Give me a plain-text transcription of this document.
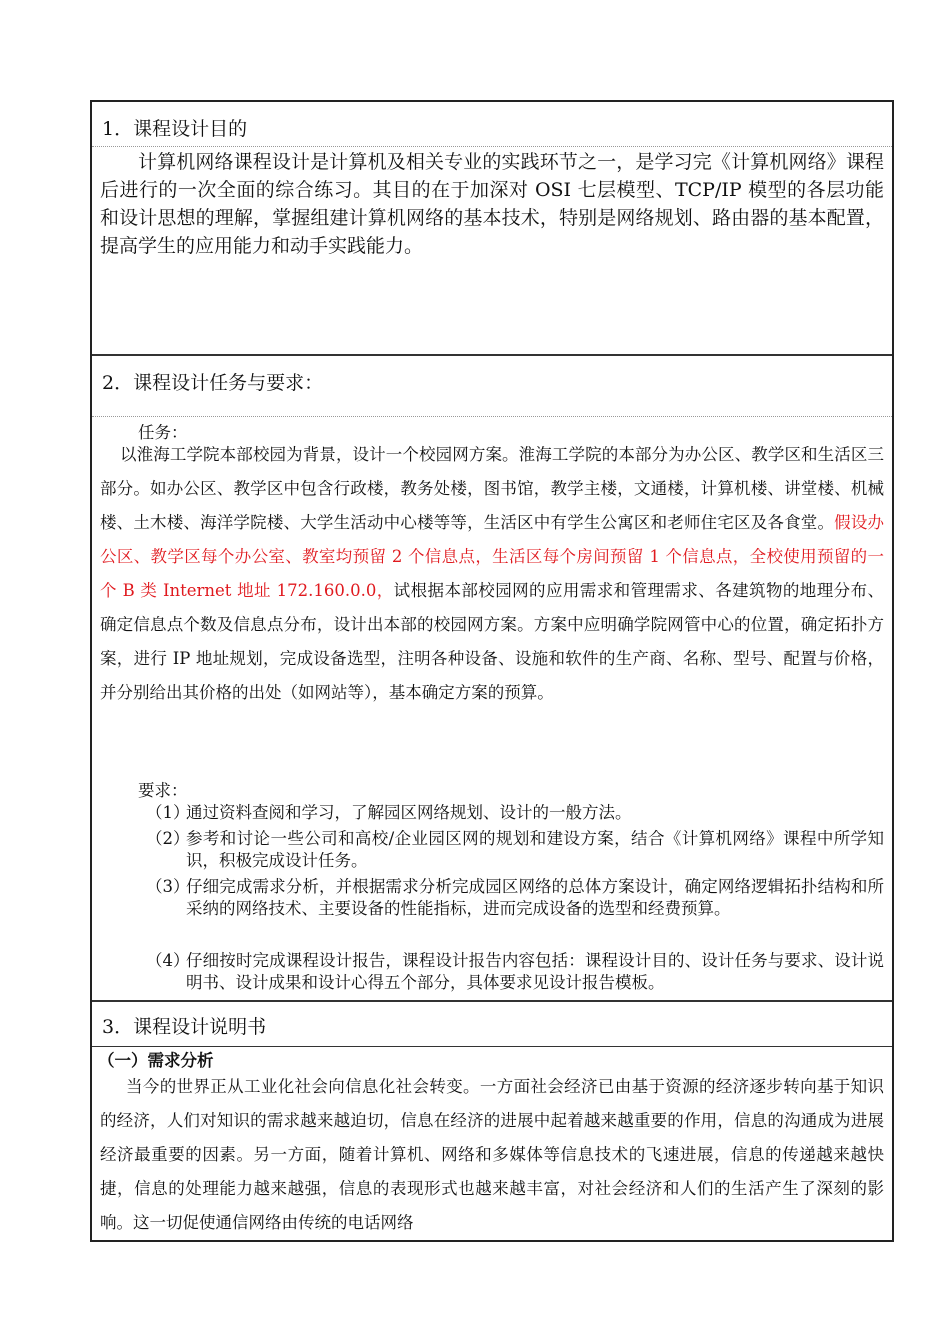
1．课程设计目的
计算机网络课程设计是计算机及相关专业的实践环节之一，是学习完《计算机网络》课程后进行的一次全面的综合练习。其目的在于加深对 OSI 七层模型、TCP/IP 模型的各层功能和设计思想的理解，掌握组建计算机网络的基本技术，特别是网络规划、路由器的基本配置，提高学生的应用能力和动手实践能力。
2．课程设计任务与要求：
任务：
以淮海工学院本部校园为背景，设计一个校园网方案。淮海工学院的本部分为办公区、教学区和生活区三部分。如办公区、教学区中包含行政楼，教务处楼，图书馆，教学主楼，文通楼，计算机楼、讲堂楼、机械楼、土木楼、海洋学院楼、大学生活动中心楼等等，生活区中有学生公寓区和老师住宅区及各食堂。假设办公区、教学区每个办公室、教室均预留 2 个信息点，生活区每个房间预留 1 个信息点，全校使用预留的一个 B 类 Internet 地址 172.160.0.0，试根据本部校园网的应用需求和管理需求、各建筑物的地理分布、确定信息点个数及信息点分布，设计出本部的校园网方案。方案中应明确学院网管中心的位置，确定拓扑方案，进行 IP 地址规划，完成设备选型，注明各种设备、设施和软件的生产商、名称、型号、配置与价格，并分别给出其价格的出处（如网站等），基本确定方案的预算。
要求：
（1）
通过资料查阅和学习，了解园区网络规划、设计的一般方法。
（2）
参考和讨论一些公司和高校/企业园区网的规划和建设方案，结合《计算机网络》课程中所学知识，积极完成设计任务。
（3）
仔细完成需求分析，并根据需求分析完成园区网络的总体方案设计，确定网络逻辑拓扑结构和所采纳的网络技术、主要设备的性能指标，进而完成设备的选型和经费预算。
（4）
仔细按时完成课程设计报告，课程设计报告内容包括：课程设计目的、设计任务与要求、设计说明书、设计成果和设计心得五个部分，具体要求见设计报告模板。
3．课程设计说明书
（一）需求分析
当今的世界正从工业化社会向信息化社会转变。一方面社会经济已由基于资源的经济逐步转向基于知识的经济，人们对知识的需求越来越迫切，信息在经济的进展中起着越来越重要的作用，信息的沟通成为进展经济最重要的因素。另一方面，随着计算机、网络和多媒体等信息技术的飞速进展，信息的传递越来越快捷，信息的处理能力越来越强，信息的表现形式也越来越丰富，对社会经济和人们的生活产生了深刻的影响。这一切促使通信网络由传统的电话网络
